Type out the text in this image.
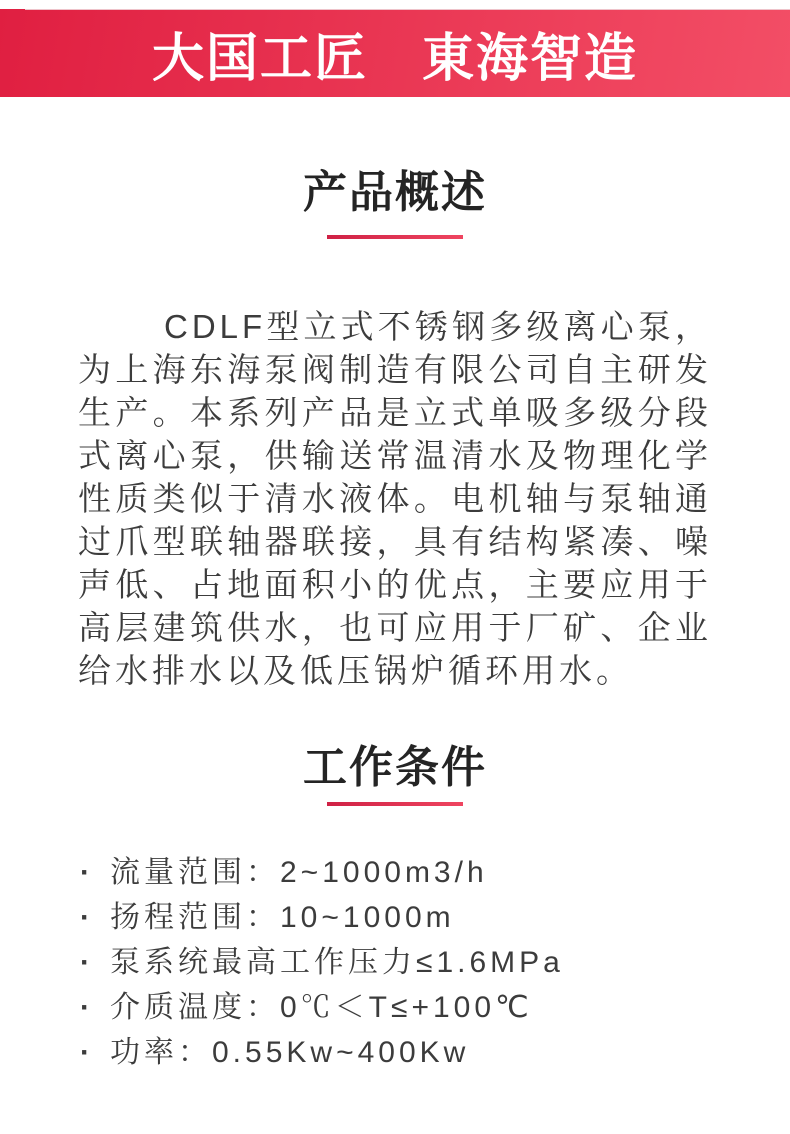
大国工匠　東海智造
产品概述

CDLF型立式不锈钢多级离心泵，为上海东海泵阀制造有限公司自主研发生产。本系列产品是立式单吸多级分段式离心泵，供输送常温清水及物理化学性质类似于清水液体。电机轴与泵轴通过爪型联轴器联接，具有结构紧凑、噪声低、占地面积小的优点，主要应用于高层建筑供水，也可应用于厂矿、企业给水排水以及低压锅炉循环用水。

工作条件
· 流量范围：2~1000m3/h
· 扬程范围：10~1000m
· 泵系统最高工作压力≤1.6MPa
· 介质温度：0℃＜T≤+100℃
· 功率：0.55Kw~400Kw
